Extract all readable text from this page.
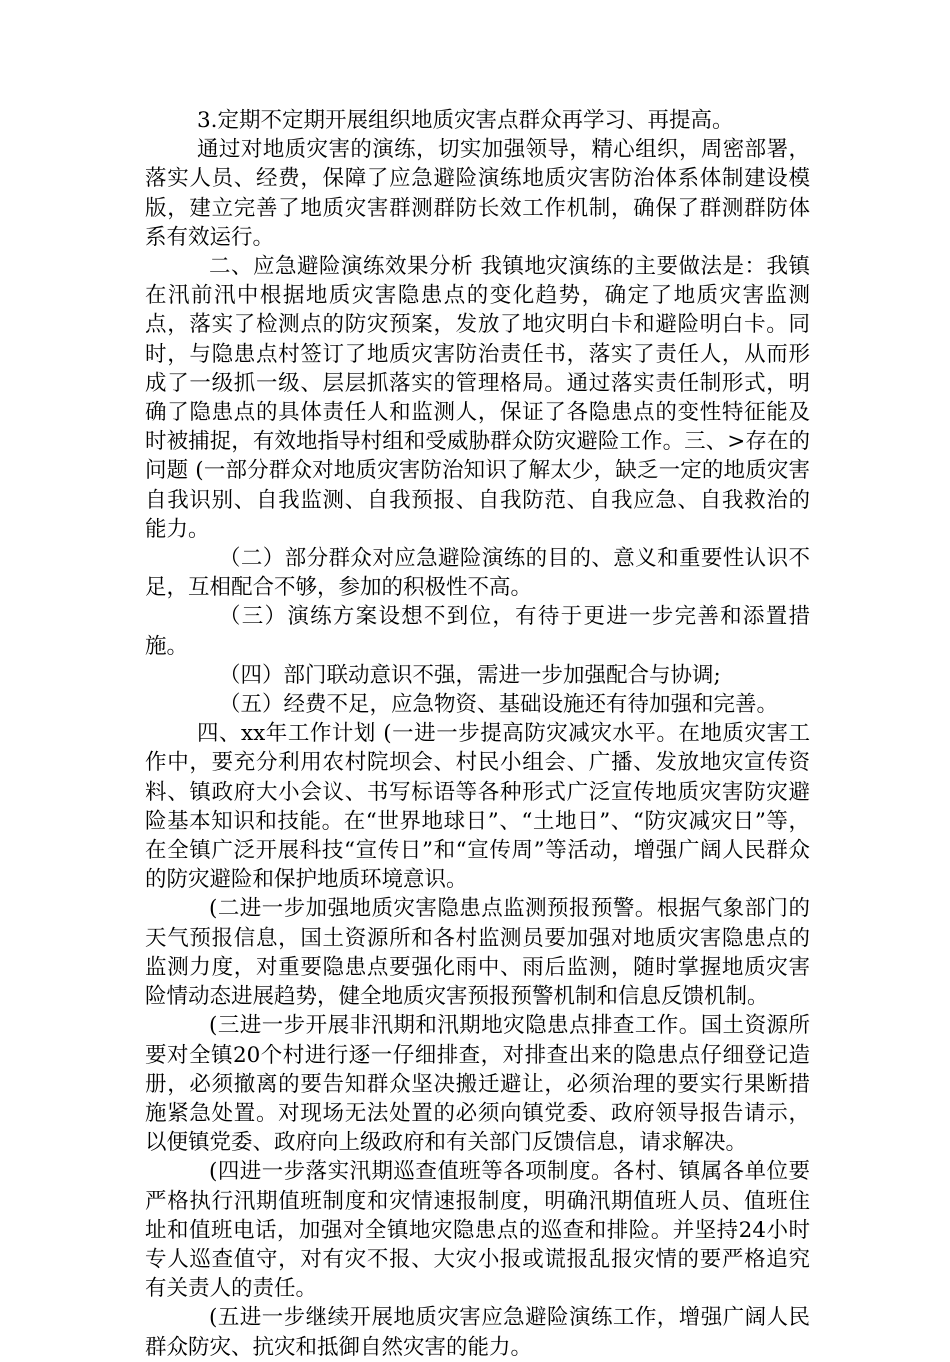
3.定期不定期开展组织地质灾害点群众再学习、再提高。

通过对地质灾害的演练，切实加强领导，精心组织，周密部署，落实人员、经费，保障了应急避险演练地质灾害防治体系体制建设模版，建立完善了地质灾害群测群防长效工作机制，确保了群测群防体系有效运行。

二、应急避险演练效果分析 我镇地灾演练的主要做法是：我镇在汛前汛中根据地质灾害隐患点的变化趋势，确定了地质灾害监测点，落实了检测点的防灾预案，发放了地灾明白卡和避险明白卡。同时，与隐患点村签订了地质灾害防治责任书，落实了责任人，从而形成了一级抓一级、层层抓落实的管理格局。通过落实责任制形式，明确了隐患点的具体责任人和监测人，保证了各隐患点的变性特征能及时被捕捉，有效地指导村组和受威胁群众防灾避险工作。三、>存在的问题 (一部分群众对地质灾害防治知识了解太少，缺乏一定的地质灾害自我识别、自我监测、自我预报、自我防范、自我应急、自我救治的能力。

（二）部分群众对应急避险演练的目的、意义和重要性认识不足，互相配合不够，参加的积极性不高。

（三）演练方案设想不到位，有待于更进一步完善和添置措施。

（四）部门联动意识不强，需进一步加强配合与协调;

（五）经费不足，应急物资、基础设施还有待加强和完善。

四、xx年工作计划 (一进一步提高防灾减灾水平。在地质灾害工作中，要充分利用农村院坝会、村民小组会、广播、发放地灾宣传资料、镇政府大小会议、书写标语等各种形式广泛宣传地质灾害防灾避险基本知识和技能。在“世界地球日”、“土地日”、“防灾减灾日”等，在全镇广泛开展科技“宣传日”和“宣传周”等活动，增强广阔人民群众的防灾避险和保护地质环境意识。

(二进一步加强地质灾害隐患点监测预报预警。根据气象部门的天气预报信息，国土资源所和各村监测员要加强对地质灾害隐患点的监测力度，对重要隐患点要强化雨中、雨后监测，随时掌握地质灾害险情动态进展趋势，健全地质灾害预报预警机制和信息反馈机制。

(三进一步开展非汛期和汛期地灾隐患点排查工作。国土资源所要对全镇20个村进行逐一仔细排查，对排查出来的隐患点仔细登记造册，必须撤离的要告知群众坚决搬迁避让，必须治理的要实行果断措施紧急处置。对现场无法处置的必须向镇党委、政府领导报告请示，以便镇党委、政府向上级政府和有关部门反馈信息，请求解决。

(四进一步落实汛期巡查值班等各项制度。各村、镇属各单位要严格执行汛期值班制度和灾情速报制度，明确汛期值班人员、值班住址和值班电话，加强对全镇地灾隐患点的巡查和排险。并坚持24小时专人巡查值守，对有灾不报、大灾小报或谎报乱报灾情的要严格追究有关责人的责任。

(五进一步继续开展地质灾害应急避险演练工作，增强广阔人民群众防灾、抗灾和抵御自然灾害的能力。
